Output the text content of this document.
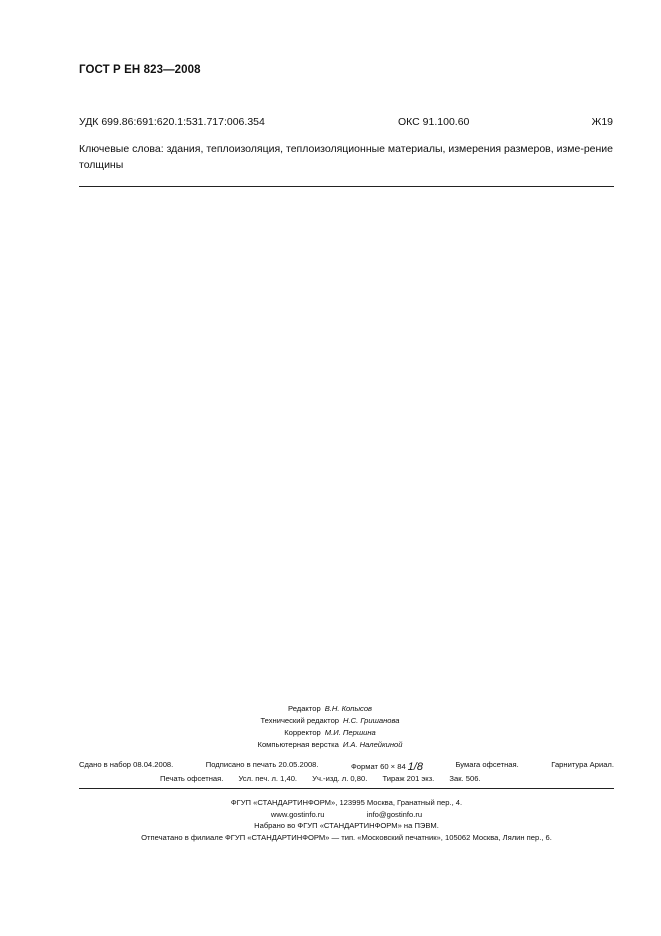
ГОСТ Р ЕН 823—2008
УДК 699.86:691:620.1:531.717:006.354	ОКС 91.100.60	Ж19
Ключевые слова: здания, теплоизоляция, теплоизоляционные материалы, измерения размеров, изме-рение толщины
Редактор В.Н. Копысов
Технический редактор Н.С. Гришанова
Корректор М.И. Першина
Компьютерная верстка И.А. Налейкиной
Сдано в набор 08.04.2008.	Подписано в печать 20.05.2008.	Формат 60 × 84 1/8	Бумага офсетная.	Гарнитура Ариал.
Печать офсетная. Усл. печ. л. 1,40. Уч.-изд. л. 0,80. Тираж 201 экз. Зак. 506.
ФГУП «СТАНДАРТИНФОРМ», 123995 Москва, Гранатный пер., 4.
www.gostinfo.ru	info@gostinfo.ru
Набрано во ФГУП «СТАНДАРТИНФОРМ» на ПЭВМ.
Отпечатано в филиале ФГУП «СТАНДАРТИНФОРМ» — тип. «Московский печатник», 105062 Москва, Лялин пер., 6.
